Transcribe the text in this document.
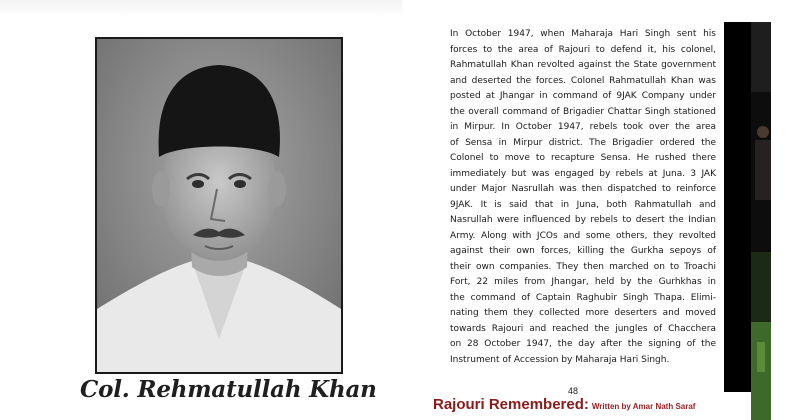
Col. Rehmatullah Khan
In October 1947, when Maharaja Hari Singh sent his
forces to the area of Rajouri to defend it, his colonel,
Rahmatullah Khan revolted against the State government
and deserted the forces. Colonel Rahmatullah Khan was
posted at Jhangar in command of 9JAK Company under
the overall command of Brigadier Chattar Singh stationed
in Mirpur. In October 1947, rebels took over the area
of Sensa in Mirpur district. The Brigadier ordered the
Colonel to move to recapture Sensa. He rushed there
immediately but was engaged by rebels at Juna. 3 JAK
under Major Nasrullah was then dispatched to reinforce
9JAK. It is said that in Juna, both Rahmatullah and
Nasrullah were influenced by rebels to desert the Indian
Army. Along with JCOs and some others, they revolted
against their own forces, killing the Gurkha sepoys of
their own companies. They then marched on to Troachi
Fort, 22 miles from Jhangar, held by the Gurhkhas in
the command of Captain Raghubir Singh Thapa. Elimi-
nating them they collected more deserters and moved
towards Rajouri and reached the jungles of Chacchera
on 28 October 1947, the day after the signing of the
Instrument of Accession by Maharaja Hari Singh.
48
Rajouri Remembered: Written by Amar Nath Saraf
